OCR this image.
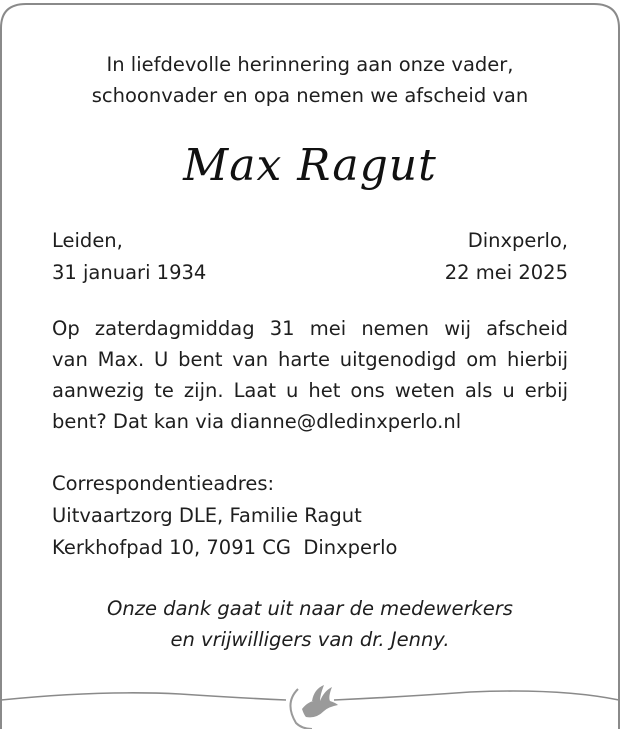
In liefdevolle herinnering aan onze vader,
schoonvader en opa nemen we afscheid van
Max Ragut
Leiden,
31 januari 1934
Dinxperlo,
22 mei 2025
Op zaterdagmiddag 31 mei nemen wij afscheid
van Max. U bent van harte uitgenodigd om hierbij
aanwezig te zijn. Laat u het ons weten als u erbij
bent? Dat kan via dianne@dledinxperlo.nl
Correspondentieadres:
Uitvaartzorg DLE, Familie Ragut
Kerkhofpad 10, 7091 CG  Dinxperlo
Onze dank gaat uit naar de medewerkers
en vrijwilligers van dr. Jenny.
